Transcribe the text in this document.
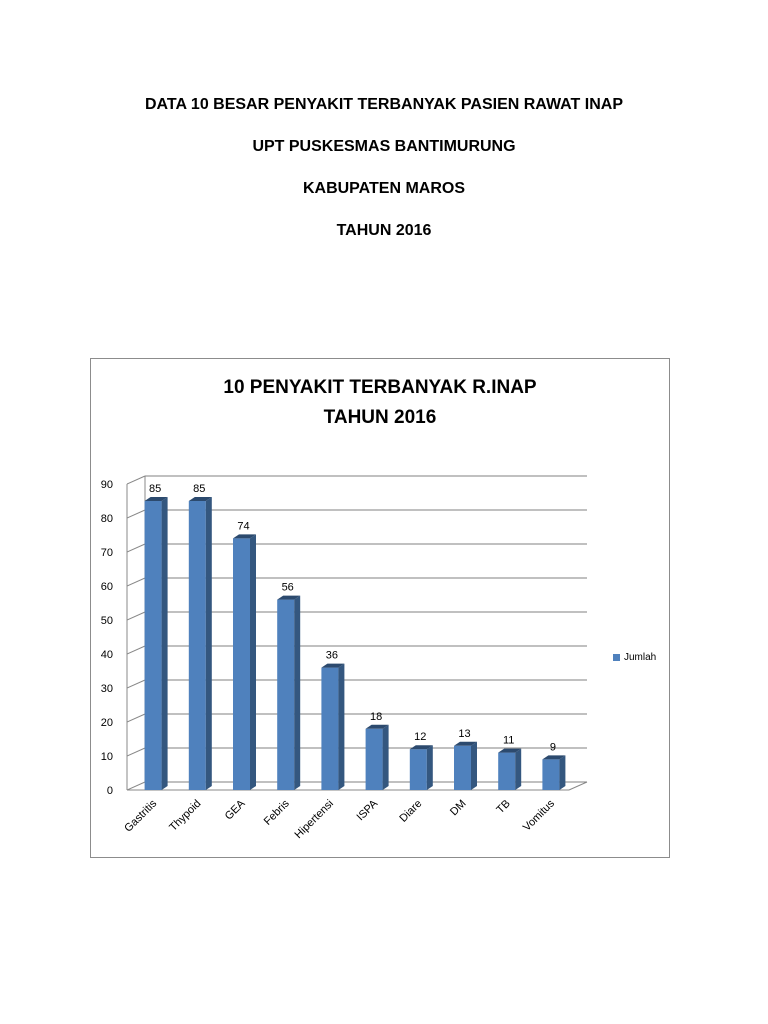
DATA 10 BESAR PENYAKIT TERBANYAK PASIEN RAWAT INAP
UPT PUSKESMAS BANTIMURUNG
KABUPATEN MAROS
TAHUN 2016
10 PENYAKIT TERBANYAK R.INAP
TAHUN 2016
0
10
20
30
40
50
60
70
80
90	85
Gastritis
85
Thypoid
74
GEA
56
Febris
36
Hipertensi
18
ISPA
12
Diare
13
DM
11
TB
9
Vomitus
Jumlah
